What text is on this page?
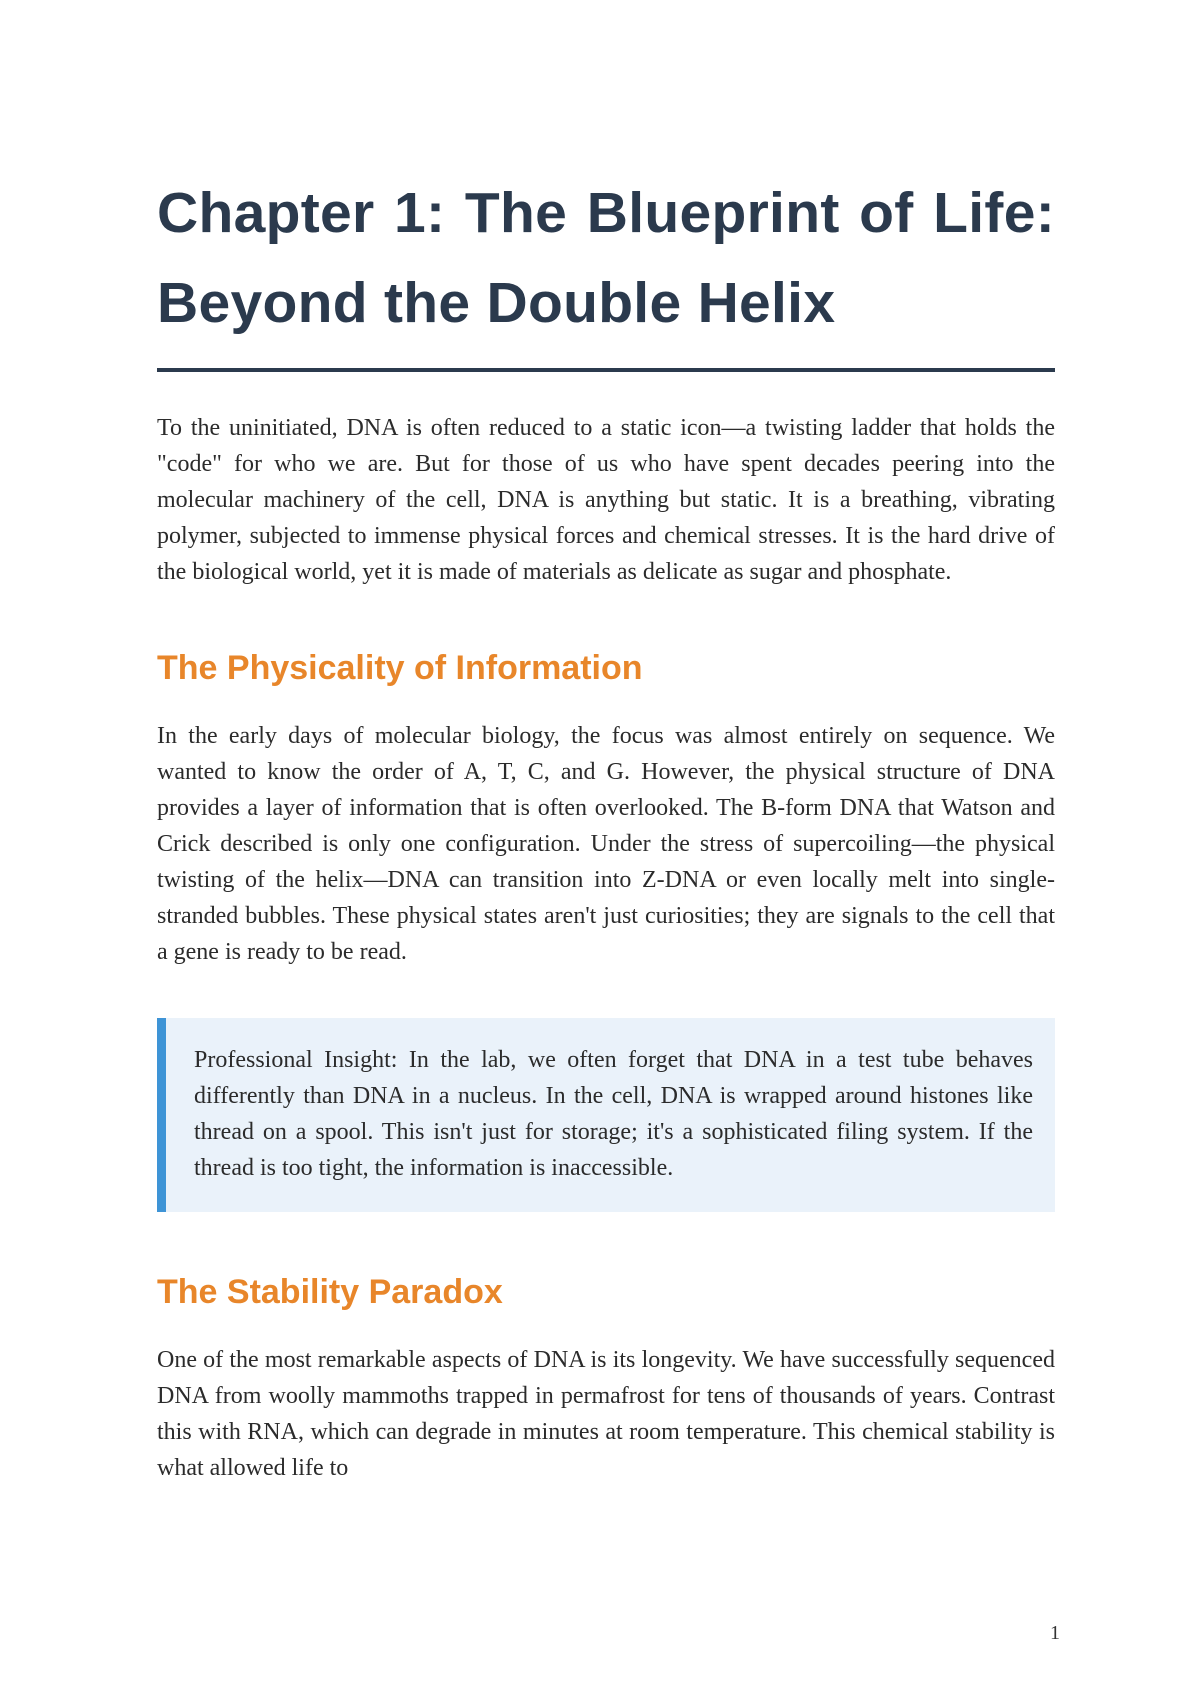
Chapter 1: The Blueprint of Life: Beyond the Double Helix

To the uninitiated, DNA is often reduced to a static icon—a twisting ladder that holds the "code" for who we are. But for those of us who have spent decades peering into the molecular machinery of the cell, DNA is anything but static. It is a breathing, vibrating polymer, subjected to immense physical forces and chemical stresses. It is the hard drive of the biological world, yet it is made of materials as delicate as sugar and phosphate.

The Physicality of Information

In the early days of molecular biology, the focus was almost entirely on sequence. We wanted to know the order of A, T, C, and G. However, the physical structure of DNA provides a layer of information that is often overlooked. The B-form DNA that Watson and Crick described is only one configuration. Under the stress of supercoiling—the physical twisting of the helix—DNA can transition into Z-DNA or even locally melt into single-stranded bubbles. These physical states aren't just curiosities; they are signals to the cell that a gene is ready to be read.

Professional Insight: In the lab, we often forget that DNA in a test tube behaves differently than DNA in a nucleus. In the cell, DNA is wrapped around histones like thread on a spool. This isn't just for storage; it's a sophisticated filing system. If the thread is too tight, the information is inaccessible.

The Stability Paradox

One of the most remarkable aspects of DNA is its longevity. We have successfully sequenced DNA from woolly mammoths trapped in permafrost for tens of thousands of years. Contrast this with RNA, which can degrade in minutes at room temperature. This chemical stability is what allowed life to

1
